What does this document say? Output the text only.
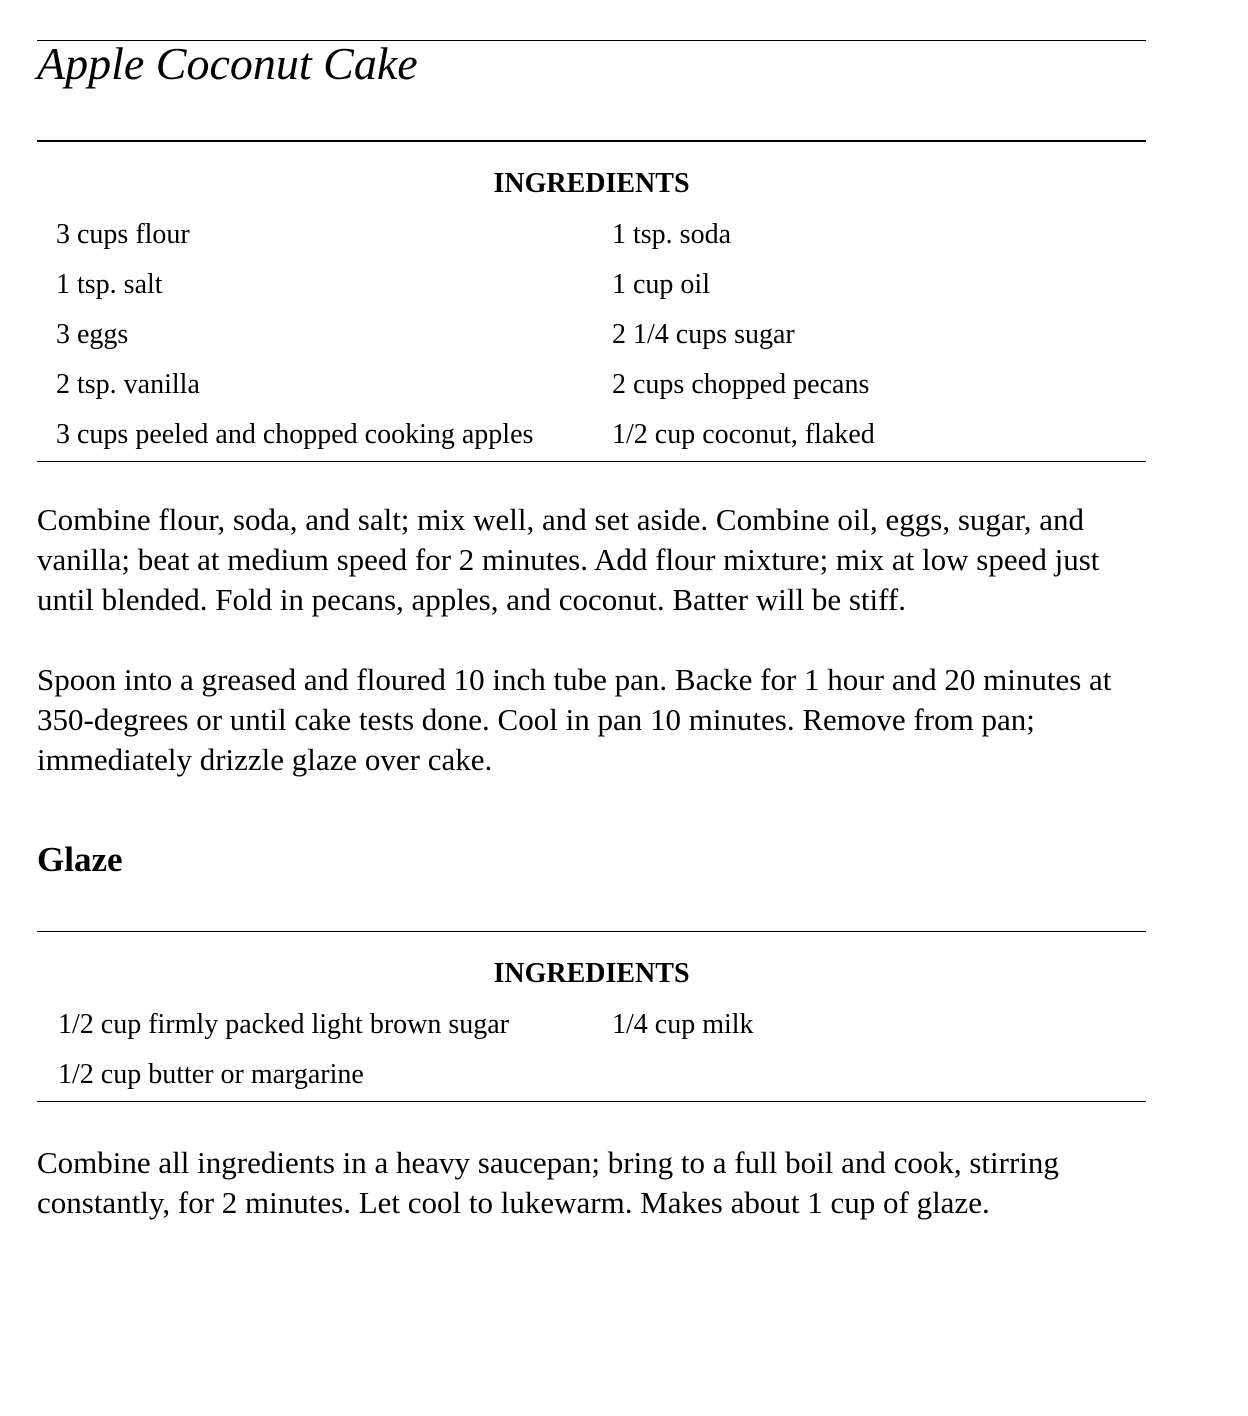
Apple Coconut Cake
INGREDIENTS
3 cups flour	1 tsp. soda
1 tsp. salt	1 cup oil
3 eggs	2 1/4 cups sugar
2 tsp. vanilla	2 cups chopped pecans
3 cups peeled and chopped cooking apples	1/2 cup coconut, flaked

Combine flour, soda, and salt; mix well, and set aside. Combine oil, eggs, sugar, and vanilla; beat at medium speed for 2 minutes. Add flour mixture; mix at low speed just until blended. Fold in pecans, apples, and coconut. Batter will be stiff.

Spoon into a greased and floured 10 inch tube pan. Backe for 1 hour and 20 minutes at 350-degrees or until cake tests done. Cool in pan 10 minutes. Remove from pan; immediately drizzle glaze over cake.

Glaze
INGREDIENTS
1/2 cup firmly packed light brown sugar	1/4 cup milk
1/2 cup butter or margarine

Combine all ingredients in a heavy saucepan; bring to a full boil and cook, stirring constantly, for 2 minutes. Let cool to lukewarm. Makes about 1 cup of glaze.
